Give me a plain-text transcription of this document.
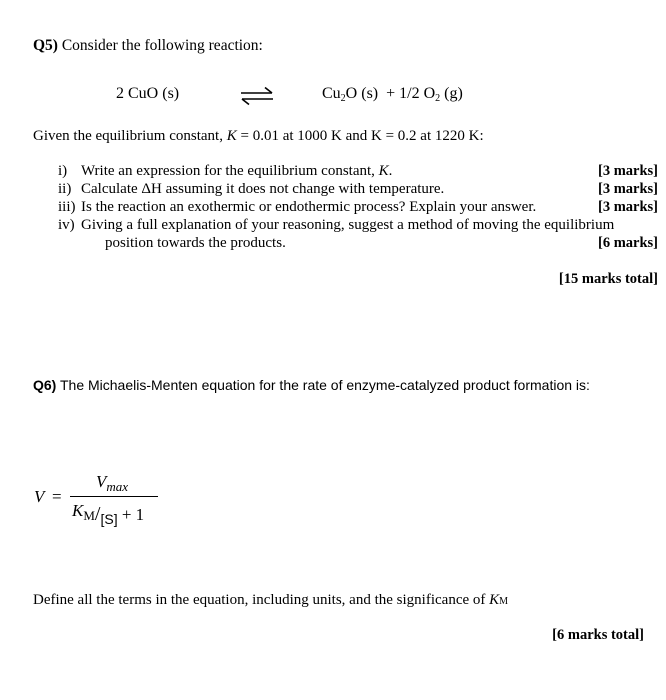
Q5) Consider the following reaction:
2 CuO (s)	$Cu_2O$ (s) + 1/2 $O_2$ (g)
Given the equilibrium constant, K = 0.01 at 1000 K and K = 0.2 at 1220 K:
i) Write an expression for the equilibrium constant, K.	[3 marks]
ii) Calculate ΔH assuming it does not change with temperature.	[3 marks]
iii) Is the reaction an exothermic or endothermic process? Explain your answer.	[3 marks]
iv) Giving a full explanation of your reasoning, suggest a method of moving the equilibrium
position towards the products.	[6 marks]
[15 marks total]
Q6) The Michaelis-Menten equation for the rate of enzyme-catalyzed product formation is:
V =
$V_{max}$
$K_M/_{[S]} + 1$
Define all the terms in the equation, including units, and the significance of KM
[6 marks total]
